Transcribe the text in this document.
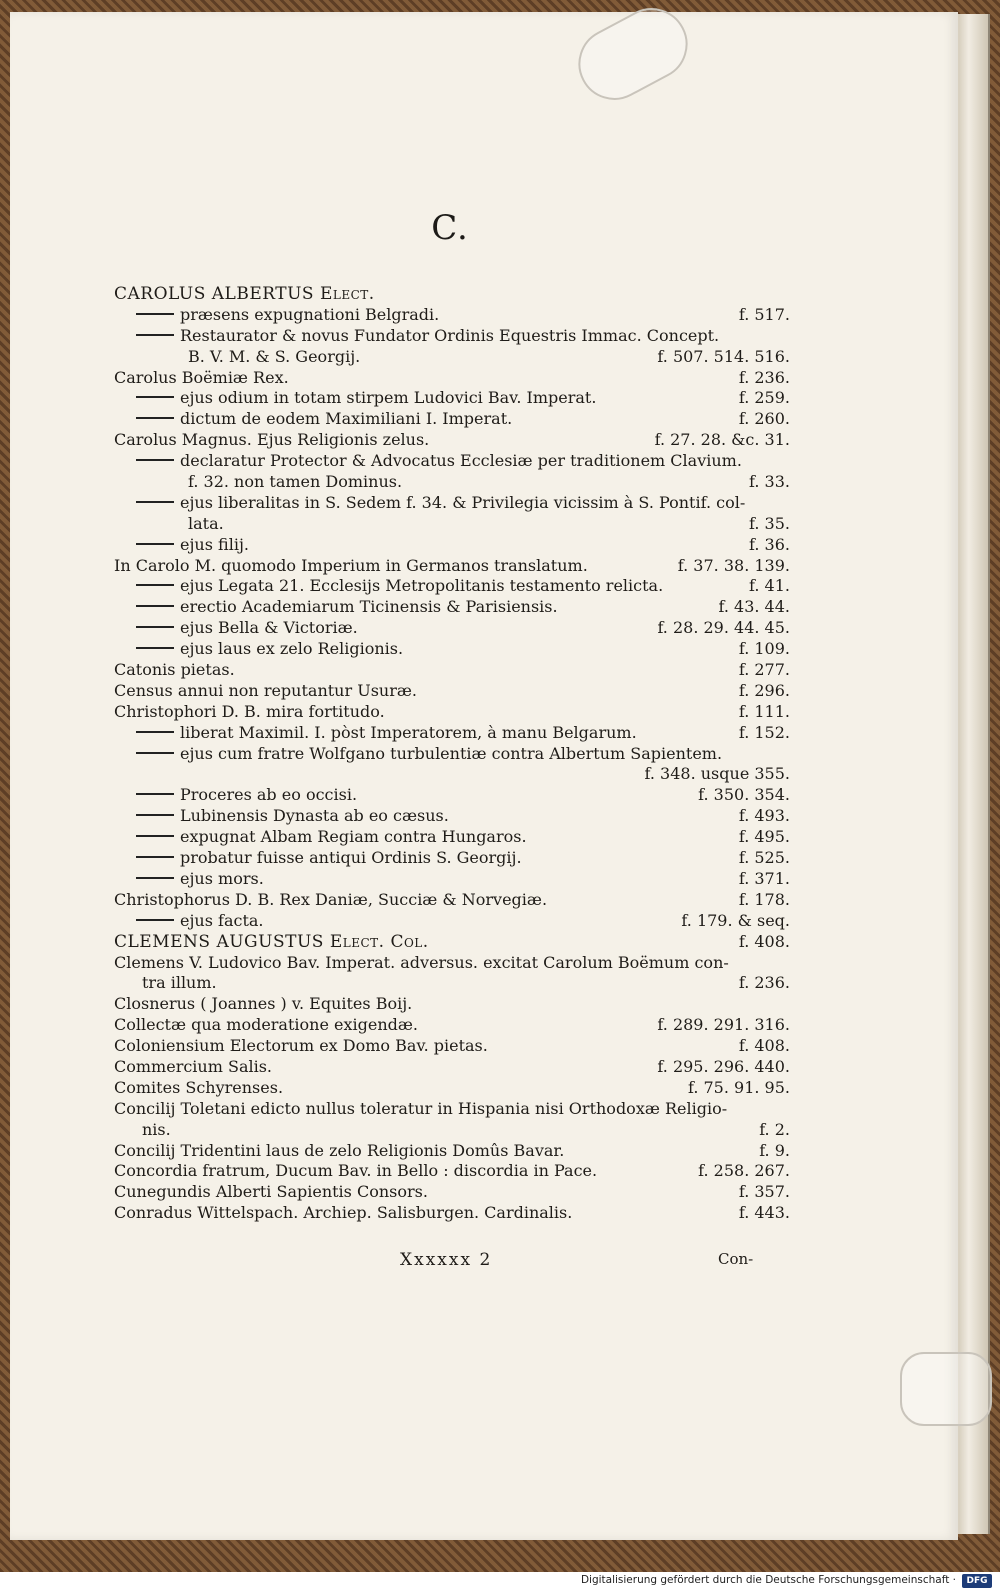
C.
CAROLUS ALBERTUS Elect.
præsens expugnationi Belgradi.	f. 517.
Restaurator & novus Fundator Ordinis Equestris Immac. Concept.
B. V. M. & S. Georgij.	f. 507. 514. 516.
Carolus Boëmiæ Rex.	f. 236.
ejus odium in totam stirpem Ludovici Bav. Imperat.	f. 259.
dictum de eodem Maximiliani I. Imperat.	f. 260.
Carolus Magnus. Ejus Religionis zelus.	f. 27. 28. &c. 31.
declaratur Protector & Advocatus Ecclesiæ per traditionem Clavium.
f. 32. non tamen Dominus.	f. 33.
ejus liberalitas in S. Sedem f. 34. & Privilegia vicissim à S. Pontif. col-
lata.	f. 35.
ejus filij.	f. 36.
In Carolo M. quomodo Imperium in Germanos translatum.	f. 37. 38. 139.
ejus Legata 21. Ecclesijs Metropolitanis testamento relicta.	f. 41.
erectio Academiarum Ticinensis & Parisiensis.	f. 43. 44.
ejus Bella & Victoriæ.	f. 28. 29. 44. 45.
ejus laus ex zelo Religionis.	f. 109.
Catonis pietas.	f. 277.
Census annui non reputantur Usuræ.	f. 296.
Christophori D. B. mira fortitudo.	f. 111.
liberat Maximil. I. pòst Imperatorem, à manu Belgarum.	f. 152.
ejus cum fratre Wolfgano turbulentiæ contra Albertum Sapientem.
f. 348. usque 355.
Proceres ab eo occisi.	f. 350. 354.
Lubinensis Dynasta ab eo cæsus.	f. 493.
expugnat Albam Regiam contra Hungaros.	f. 495.
probatur fuisse antiqui Ordinis S. Georgij.	f. 525.
ejus mors.	f. 371.
Christophorus D. B. Rex Daniæ, Succiæ & Norvegiæ.	f. 178.
ejus facta.	f. 179. & seq.
CLEMENS AUGUSTUS Elect. Col.	f. 408.
Clemens V. Ludovico Bav. Imperat. adversus. excitat Carolum Boëmum con-
tra illum.	f. 236.
Closnerus ( Joannes ) v. Equites Boij.
Collectæ qua moderatione exigendæ.	f. 289. 291. 316.
Coloniensium Electorum ex Domo Bav. pietas.	f. 408.
Commercium Salis.	f. 295. 296. 440.
Comites Schyrenses.	f. 75. 91. 95.
Concilij Toletani edicto nullus toleratur in Hispania nisi Orthodoxæ Religio-
nis.	f. 2.
Concilij Tridentini laus de zelo Religionis Domûs Bavar.	f. 9.
Concordia fratrum, Ducum Bav. in Bello : discordia in Pace.	f. 258. 267.
Cunegundis Alberti Sapientis Consors.	f. 357.
Conradus Wittelspach. Archiep. Salisburgen. Cardinalis.	f. 443.
Xxxxxx 2	Con-
Digitalisierung gefördert durch die Deutsche Forschungsgemeinschaft ·	DFG
